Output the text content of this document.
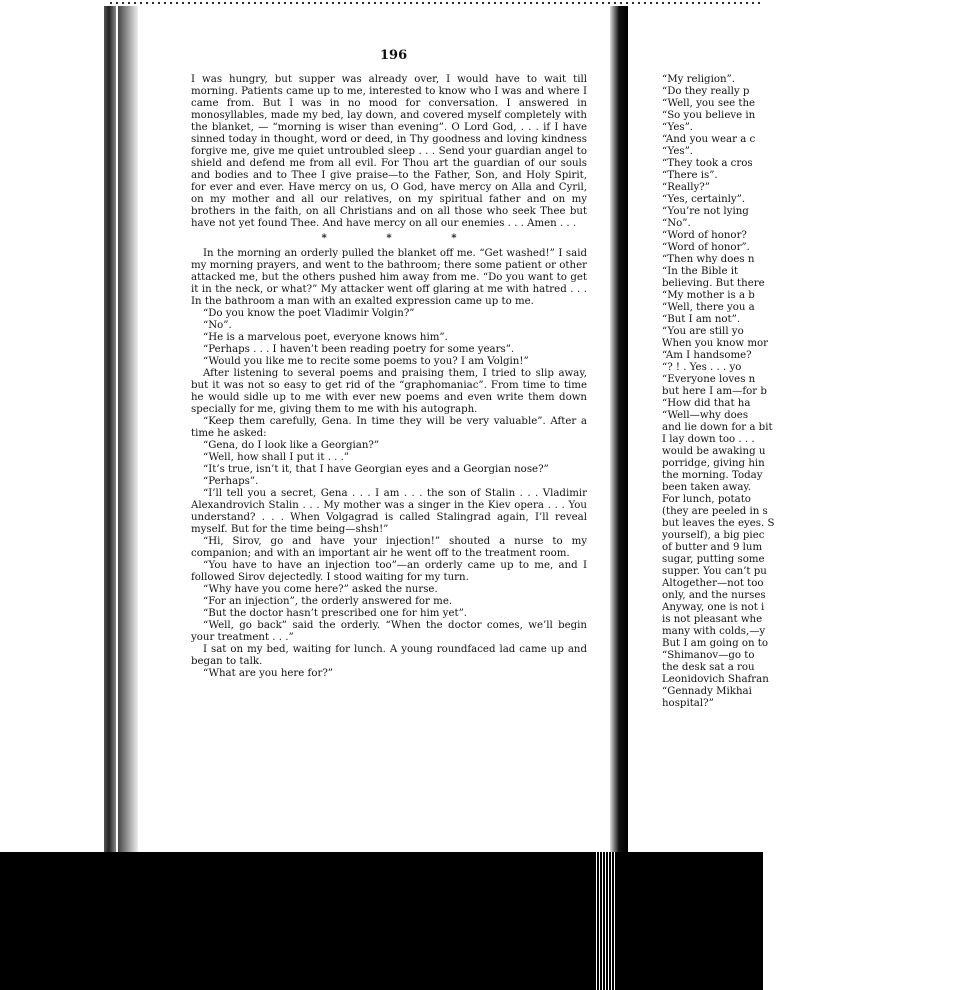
196

I was hungry, but supper was already over, I would have to wait till morning. Patients came up to me, interested to know who I was and where I came from. But I was in no mood for conversation. I answered in monosyllables, made my bed, lay down, and covered myself completely with the blanket, — “morning is wiser than evening”. O Lord God, . . . if I have sinned today in thought, word or deed, in Thy goodness and loving kindness forgive me, give me quiet untroubled sleep . . . Send your guardian angel to shield and defend me from all evil. For Thou art the guardian of our souls and bodies and to Thee I give praise—to the Father, Son, and Holy Spirit, for ever and ever. Have mercy on us, O God, have mercy on Alla and Cyril, on my mother and all our relatives, on my spiritual father and on my brothers in the faith, on all Christians and on all those who seek Thee but have not yet found Thee. And have mercy on all our enemies . . . Amen . . .

* * *

In the morning an orderly pulled the blanket off me. “Get washed!” I said my morning prayers, and went to the bathroom; there some patient or other attacked me, but the others pushed him away from me. “Do you want to get it in the neck, or what?” My attacker went off glaring at me with hatred . . . In the bathroom a man with an exalted expression came up to me.

“Do you know the poet Vladimir Volgin?”

“No”.

“He is a marvelous poet, everyone knows him”.

“Perhaps . . . I haven’t been reading poetry for some years”.

“Would you like me to recite some poems to you? I am Volgin!”

After listening to several poems and praising them, I tried to slip away, but it was not so easy to get rid of the “graphomaniac”. From time to time he would sidle up to me with ever new poems and even write them down specially for me, giving them to me with his autograph.

“Keep them carefully, Gena. In time they will be very valuable”. After a time he asked:

“Gena, do I look like a Georgian?”

“Well, how shall I put it . . .”

“It’s true, isn’t it, that I have Georgian eyes and a Georgian nose?”

“Perhaps”.

“I’ll tell you a secret, Gena . . . I am . . . the son of Stalin . . . Vladimir Alexandrovich Stalin . . . My mother was a singer in the Kiev opera . . . You understand? . . . When Volgagrad is called Stalingrad again, I’ll reveal myself. But for the time being—shsh!”

“Hi, Sirov, go and have your injection!” shouted a nurse to my companion; and with an important air he went off to the treatment room.

“You have to have an injection too”—an orderly came up to me, and I followed Sirov dejectedly. I stood waiting for my turn.

“Why have you come here?” asked the nurse.

“For an injection”, the orderly answered for me.

“But the doctor hasn’t prescribed one for him yet”.

“Well, go back” said the orderly. “When the doctor comes, we’ll begin your treatment . . .”

I sat on my bed, waiting for lunch. A young roundfaced lad came up and began to talk.

“What are you here for?”

“My religion”.
“Do they really p
“Well, you see the
“So you believe in
“Yes”.
“And you wear a c
“Yes”.
“They took a cros
“There is”.
“Really?”
“Yes, certainly”.
“You’re not lying
“No”.
“Word of honor?
“Word of honor”.
“Then why does n
“In the Bible it
believing. But there
“My mother is a b
“Well, there you a
“But I am not”.
“You are still yo
When you know mor
“Am I handsome?
“? ! . Yes . . . yo
“Everyone loves n
but here I am—for b
“How did that ha
“Well—why does
and lie down for a bit
I lay down too . . .
would be awaking u
porridge, giving hin
the morning. Today
been taken away.
For lunch, potato
(they are peeled in s
but leaves the eyes. S
yourself), a big piec
of butter and 9 lum
sugar, putting some
supper. You can’t pu
Altogether—not too
only, and the nurses
Anyway, one is not i
is not pleasant whe
many with colds,—y
But I am going on to
“Shimanov—go to
the desk sat a rou
Leonidovich Shafran
“Gennady Mikhai
hospital?”
